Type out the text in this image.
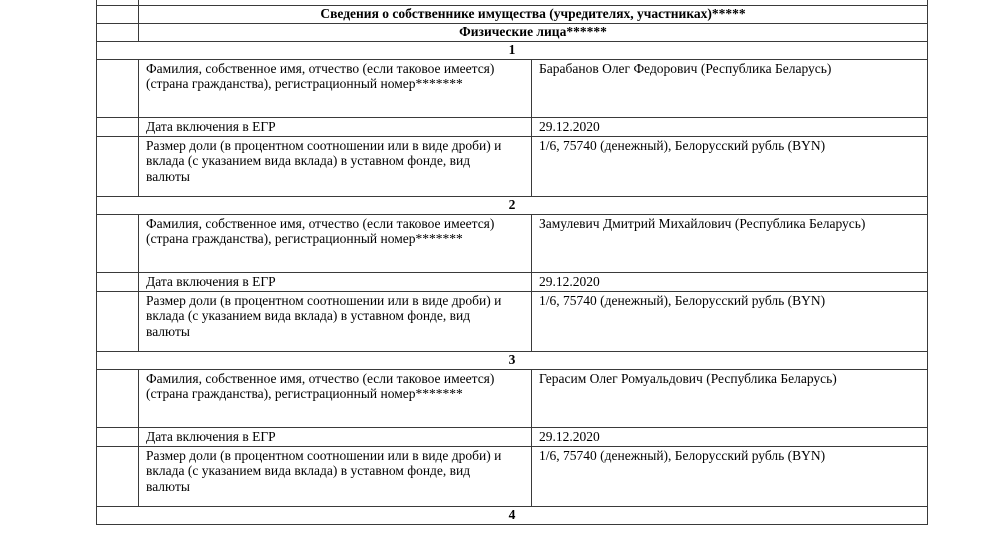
	Сведения о собственнике имущества (учредителях, участниках)*****	
	Физические лица******	
1		
	Фамилия, собственное имя, отчество (если таковое имеется) (страна гражданства), регистрационный номер*******	Барабанов Олег Федорович (Республика Беларусь)
	Дата включения в ЕГР	29.12.2020
	Размер доли (в процентном соотношении или в виде дроби) и вклада (с указанием вида вклада) в уставном фонде, вид валюты	1/6, 75740 (денежный), Белорусский рубль (BYN)
2		
	Фамилия, собственное имя, отчество (если таковое имеется) (страна гражданства), регистрационный номер*******	Замулевич Дмитрий Михайлович (Республика Беларусь)
	Дата включения в ЕГР	29.12.2020
	Размер доли (в процентном соотношении или в виде дроби) и вклада (с указанием вида вклада) в уставном фонде, вид валюты	1/6, 75740 (денежный), Белорусский рубль (BYN)
3		
	Фамилия, собственное имя, отчество (если таковое имеется) (страна гражданства), регистрационный номер*******	Герасим Олег Ромуальдович (Республика Беларусь)
	Дата включения в ЕГР	29.12.2020
	Размер доли (в процентном соотношении или в виде дроби) и вклада (с указанием вида вклада) в уставном фонде, вид валюты	1/6, 75740 (денежный), Белорусский рубль (BYN)
4		
